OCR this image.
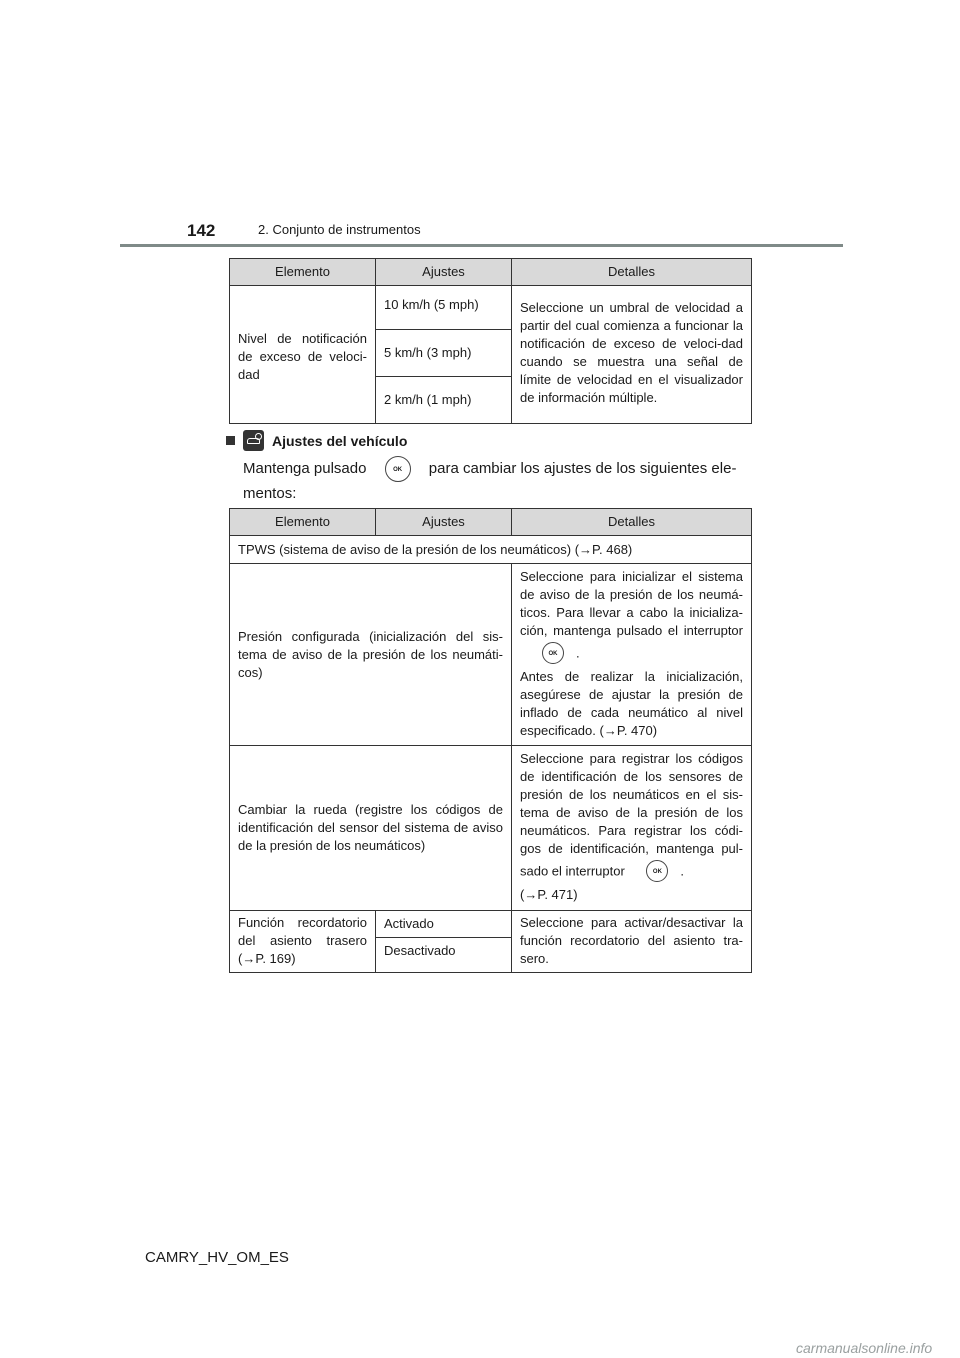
142	2. Conjunto de instrumentos
Elemento	Ajustes	Detalles
Nivel de notificación de exceso de veloci-dad	10 km/h (5 mph)	Seleccione un umbral de velocidad a partir del cual comienza a funcionar la notificación de exceso de veloci-dad cuando se muestra una señal de límite de velocidad en el visualizador de información múltiple.
	5 km/h (3 mph)	
	2 km/h (1 mph)	
Ajustes del vehículo
Mantenga pulsado	OK para cambiar los ajustes de los siguientes ele-mentos:
Elemento	Ajustes	Detalles
TPWS (sistema de aviso de la presión de los neumáticos) (→P. 468)		
Presión configurada (inicialización del sis-tema de aviso de la presión de los neumáti-cos)		Seleccione para inicializar el sistema de aviso de la presión de los neumá-ticos. Para llevar a cabo la inicializa-ción, mantenga pulsado el interruptor OK .
Antes de realizar la inicialización, asegúrese de ajustar la presión de inflado de cada neumático al nivel especificado. (→P. 470)
Cambiar la rueda (registre los códigos de identificación del sensor del sistema de aviso de la presión de los neumáticos)		Seleccione para registrar los códigos de identificación de los sensores de presión de los neumáticos en el sis-tema de aviso de la presión de los neumáticos. Para registrar los códi-gos de identificación, mantenga pul-sado el interruptor OK .
(→P. 471)
Función recordatorio del asiento trasero (→P. 169)	Activado	Seleccione para activar/desactivar la función recordatorio del asiento tra-sero.
	Desactivado	
CAMRY_HV_OM_ES
carmanualsonline.info
